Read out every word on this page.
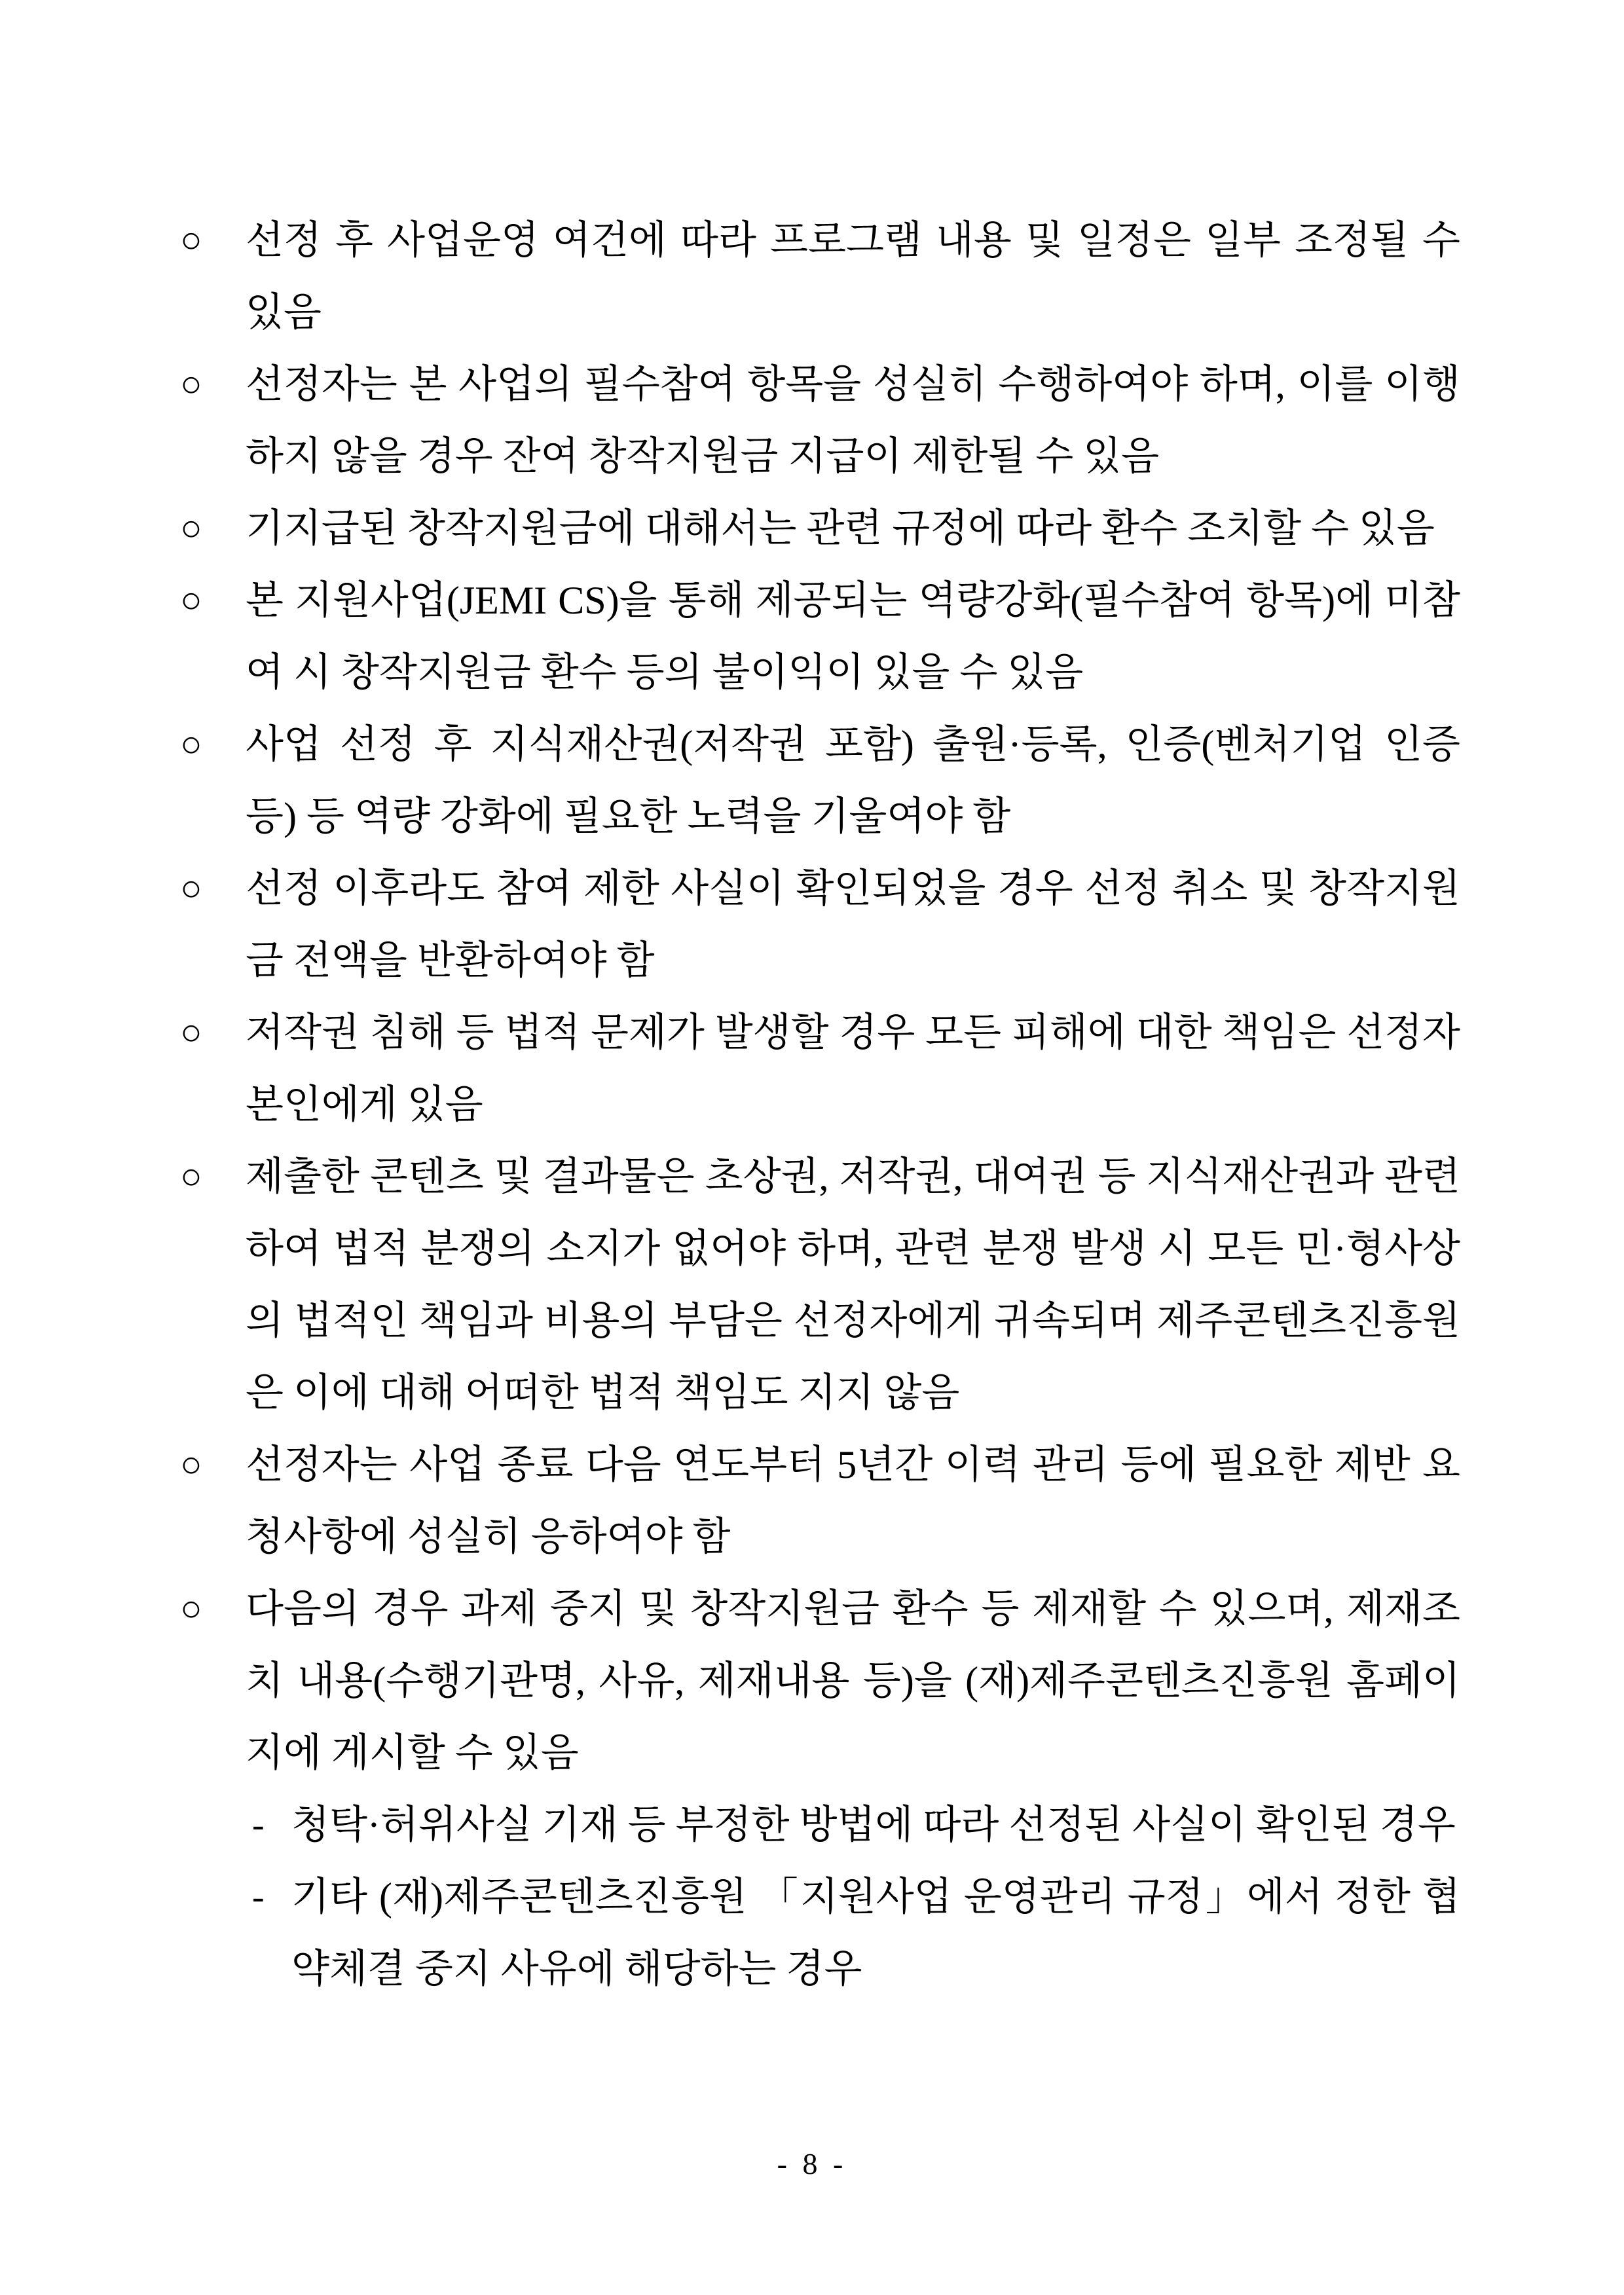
○	선정 후 사업운영 여건에 따라 프로그램 내용 및 일정은 일부 조정될 수 있음
○	선정자는 본 사업의 필수참여 항목을 성실히 수행하여야 하며, 이를 이행하지 않을 경우 잔여 창작지원금 지급이 제한될 수 있음
○	기지급된 창작지원금에 대해서는 관련 규정에 따라 환수 조치할 수 있음
○	본 지원사업(JEMI CS)을 통해 제공되는 역량강화(필수참여 항목)에 미참여 시 창작지원금 환수 등의 불이익이 있을 수 있음
○	사업 선정 후 지식재산권(저작권 포함) 출원·등록, 인증(벤처기업 인증 등) 등 역량 강화에 필요한 노력을 기울여야 함
○	선정 이후라도 참여 제한 사실이 확인되었을 경우 선정 취소 및 창작지원금 전액을 반환하여야 함
○	저작권 침해 등 법적 문제가 발생할 경우 모든 피해에 대한 책임은 선정자 본인에게 있음
○	제출한 콘텐츠 및 결과물은 초상권, 저작권, 대여권 등 지식재산권과 관련하여 법적 분쟁의 소지가 없어야 하며, 관련 분쟁 발생 시 모든 민·형사상의 법적인 책임과 비용의 부담은 선정자에게 귀속되며 제주콘텐츠진흥원은 이에 대해 어떠한 법적 책임도 지지 않음
○	선정자는 사업 종료 다음 연도부터 5년간 이력 관리 등에 필요한 제반 요청사항에 성실히 응하여야 함
○	다음의 경우 과제 중지 및 창작지원금 환수 등 제재할 수 있으며, 제재조치 내용(수행기관명, 사유, 제재내용 등)을 (재)제주콘텐츠진흥원 홈페이지에 게시할 수 있음
- 청탁·허위사실 기재 등 부정한 방법에 따라 선정된 사실이 확인된 경우
- 기타 (재)제주콘텐츠진흥원 「지원사업 운영관리 규정」에서 정한 협약체결 중지 사유에 해당하는 경우
- 8 -
